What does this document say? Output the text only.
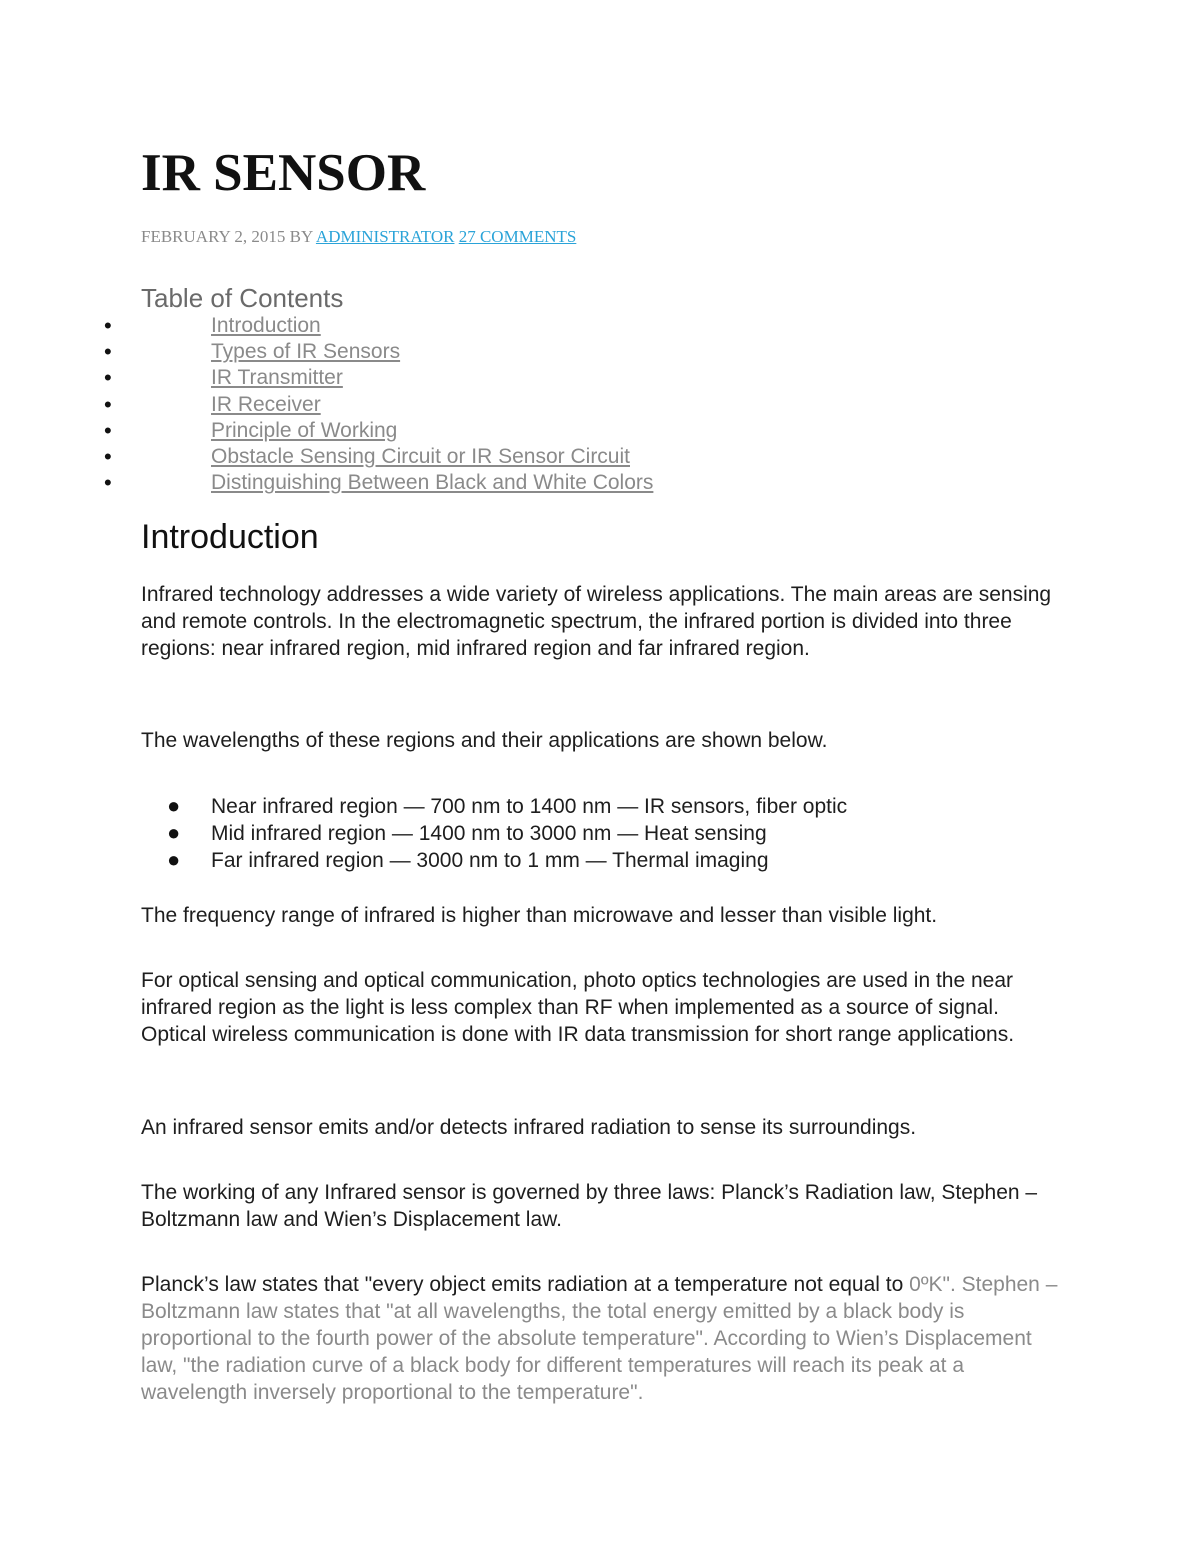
IR SENSOR
FEBRUARY 2, 2015 BY ADMINISTRATOR 27 COMMENTS
Table of Contents
•	Introduction
•	Types of IR Sensors
•	IR Transmitter
•	IR Receiver
•	Principle of Working
•	Obstacle Sensing Circuit or IR Sensor Circuit
•	Distinguishing Between Black and White Colors
Introduction

Infrared technology addresses a wide variety of wireless applications. The main areas are sensing and remote controls. In the electromagnetic spectrum, the infrared portion is divided into three regions: near infrared region, mid infrared region and far infrared region.

The wavelengths of these regions and their applications are shown below.

● Near infrared region — 700 nm to 1400 nm — IR sensors, fiber optic
● Mid infrared region — 1400 nm to 3000 nm — Heat sensing
● Far infrared region — 3000 nm to 1 mm — Thermal imaging

The frequency range of infrared is higher than microwave and lesser than visible light.

For optical sensing and optical communication, photo optics technologies are used in the near infrared region as the light is less complex than RF when implemented as a source of signal. Optical wireless communication is done with IR data transmission for short range applications.

An infrared sensor emits and/or detects infrared radiation to sense its surroundings.

The working of any Infrared sensor is governed by three laws: Planck’s Radiation law, Stephen – Boltzmann law and Wien’s Displacement law.

Planck’s law states that "every object emits radiation at a temperature not equal to 0ºK". Stephen – Boltzmann law states that "at all wavelengths, the total energy emitted by a black body is proportional to the fourth power of the absolute temperature". According to Wien’s Displacement law, "the radiation curve of a black body for different temperatures will reach its peak at a wavelength inversely proportional to the temperature".
